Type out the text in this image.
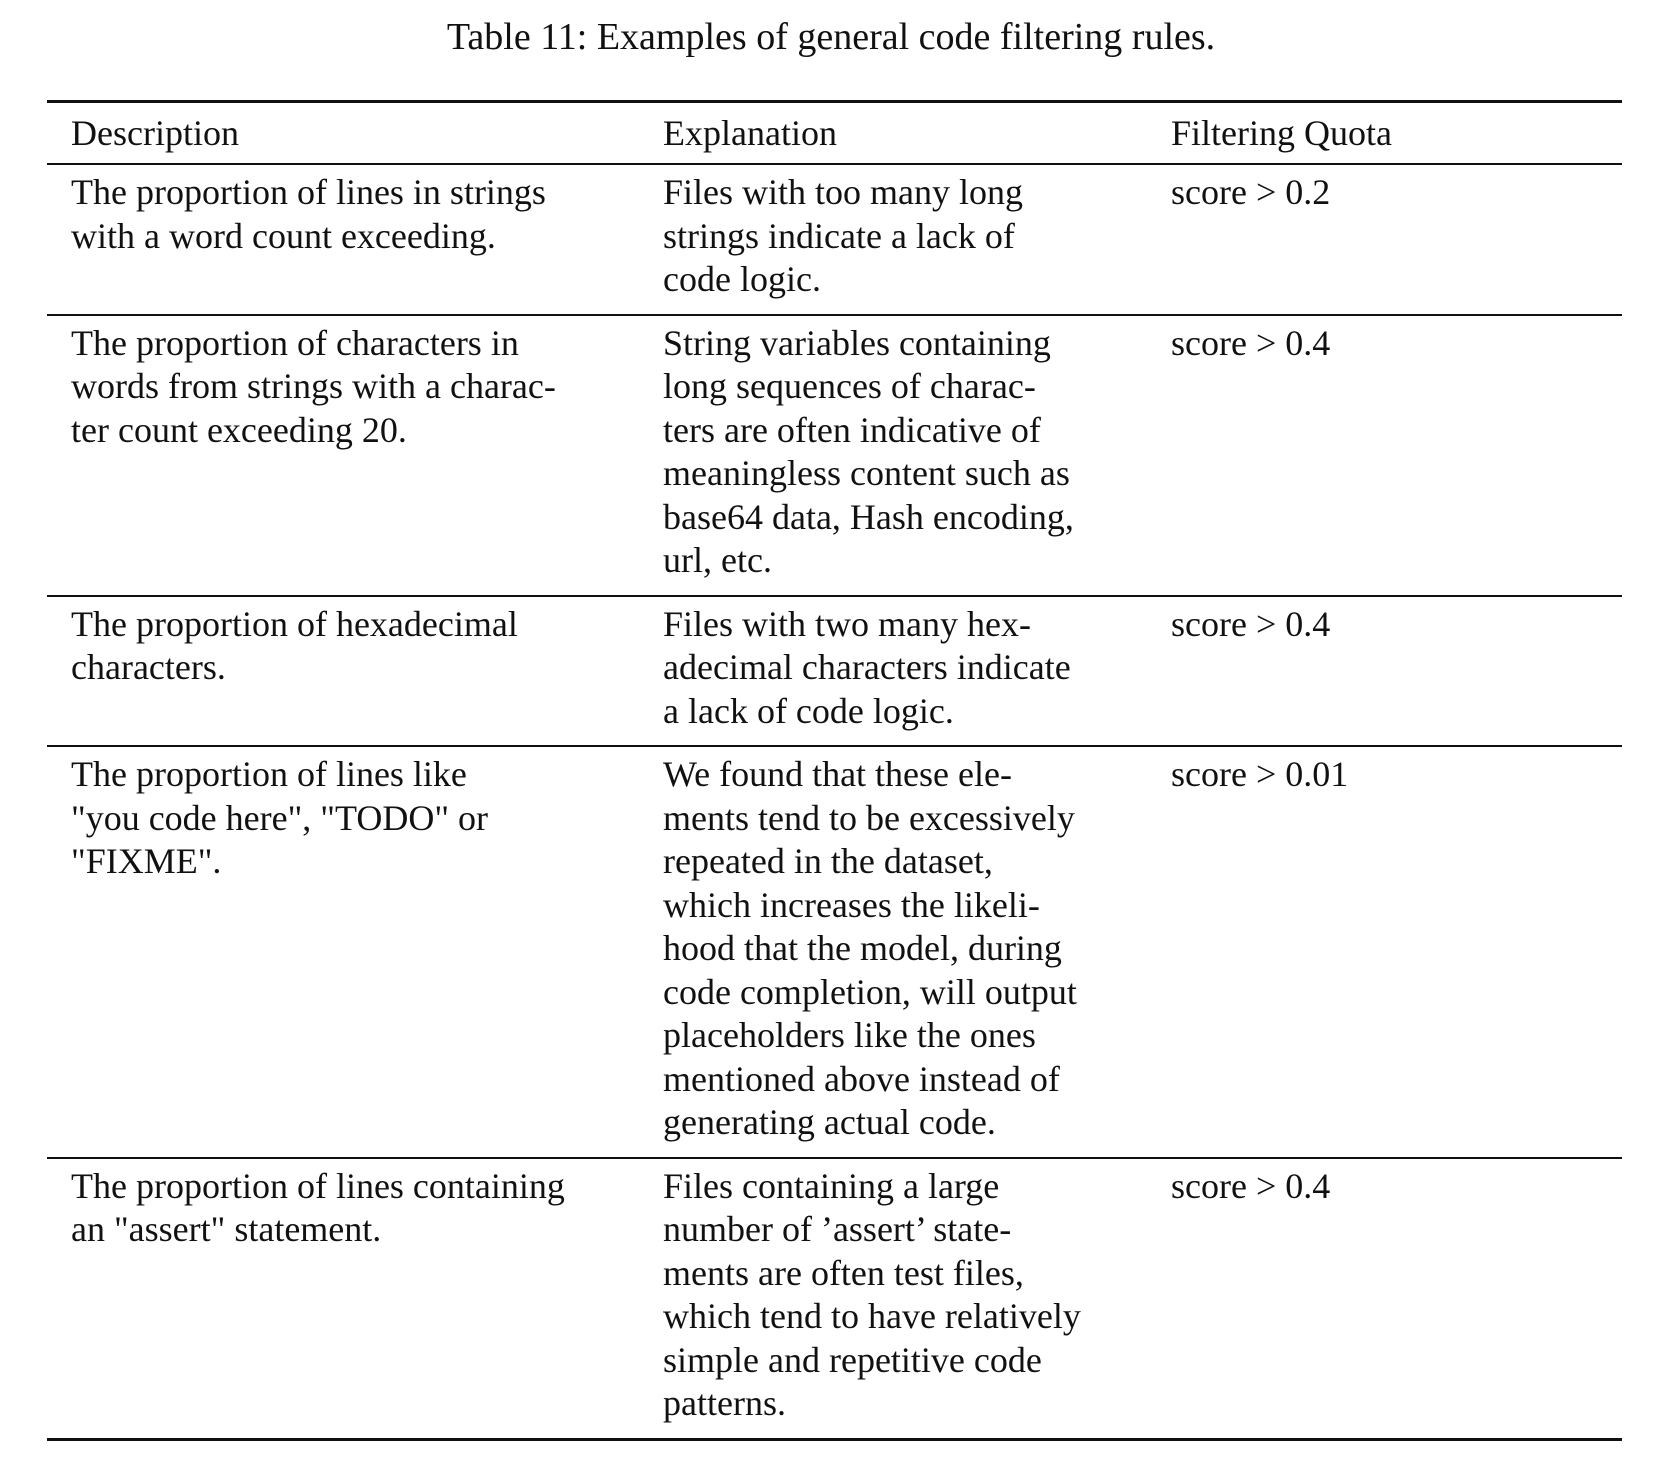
Table 11: Examples of general code filtering rules.
Description	Explanation	Filtering Quota
The proportion of lines in strings
with a word count exceeding.
Files with too many long
strings indicate a lack of
code logic.
score > 0.2
The proportion of characters in
words from strings with a charac-
ter count exceeding 20.
String variables containing
long sequences of charac-
ters are often indicative of
meaningless content such as
base64 data, Hash encoding,
url, etc.
score > 0.4
The proportion of hexadecimal
characters.
Files with two many hex-
adecimal characters indicate
a lack of code logic.
score > 0.4
The proportion of lines like
"you code here", "TODO" or
"FIXME".
We found that these ele-
ments tend to be excessively
repeated in the dataset,
which increases the likeli-
hood that the model, during
code completion, will output
placeholders like the ones
mentioned above instead of
generating actual code.
score > 0.01
The proportion of lines containing
an "assert" statement.
Files containing a large
number of ’assert’ state-
ments are often test files,
which tend to have relatively
simple and repetitive code
patterns.
score > 0.4
